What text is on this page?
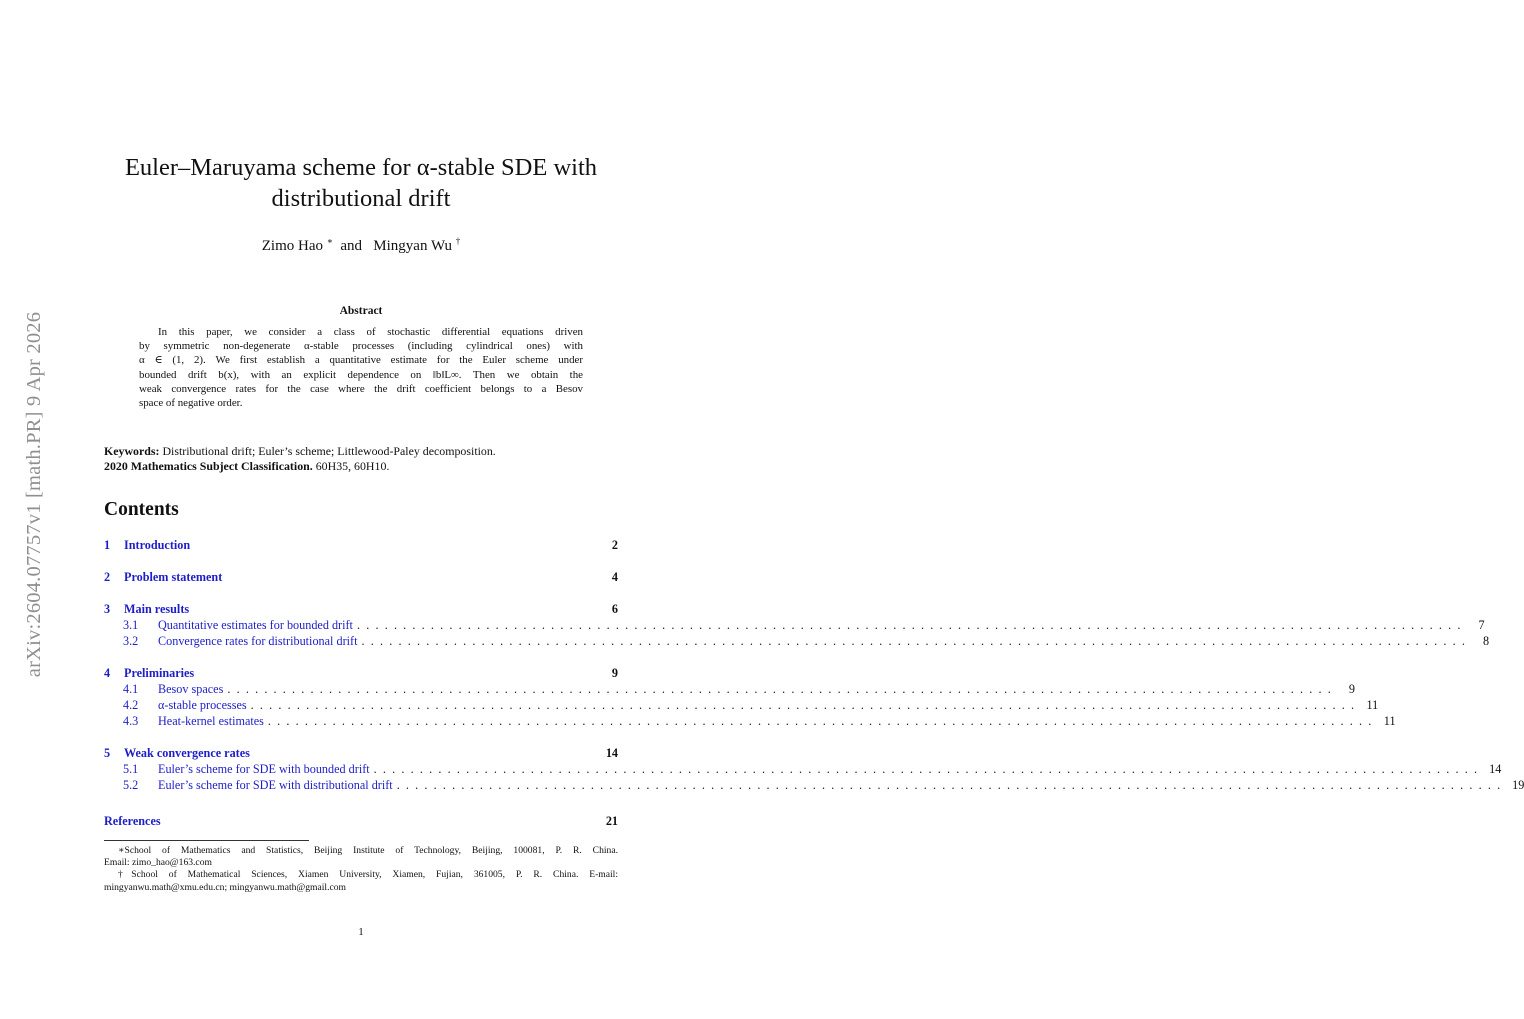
arXiv:2604.07757v1 [math.PR] 9 Apr 2026
Euler–Maruyama scheme for α-stable SDE with
distributional drift
Zimo Hao ∗ and Mingyan Wu †
Abstract
In this paper, we consider a class of stochastic differential equations driven
by symmetric non-degenerate α-stable processes (including cylindrical ones) with
α ∈ (1, 2). We first establish a quantitative estimate for the Euler scheme under
bounded drift b(x), with an explicit dependence on ‖b‖L∞. Then we obtain the
weak convergence rates for the case where the drift coefficient belongs to a Besov
space of negative order.
Keywords: Distributional drift; Euler’s scheme; Littlewood-Paley decomposition.
2020 Mathematics Subject Classification. 60H35, 60H10.
Contents
1 Introduction	2
2 Problem statement	4
3 Main results	6
3.1 Quantitative estimates for bounded drift ........................................................................................................................ 7
3.2 Convergence rates for distributional drift ........................................................................................................................ 8
4 Preliminaries	9
4.1 Besov spaces ........................................................................................................................ 9
4.2 α-stable processes ........................................................................................................................ 11
4.3 Heat-kernel estimates ........................................................................................................................ 11
5 Weak convergence rates	14
5.1 Euler’s scheme for SDE with bounded drift ........................................................................................................................ 14
5.2 Euler’s scheme for SDE with distributional drift ........................................................................................................................ 19
References	21
∗School of Mathematics and Statistics, Beijing Institute of Technology, Beijing, 100081, P. R. China.
Email: zimo_hao@163.com
†School of Mathematical Sciences, Xiamen University, Xiamen, Fujian, 361005, P. R. China. E-mail:
mingyanwu.math@xmu.edu.cn; mingyanwu.math@gmail.com
1
